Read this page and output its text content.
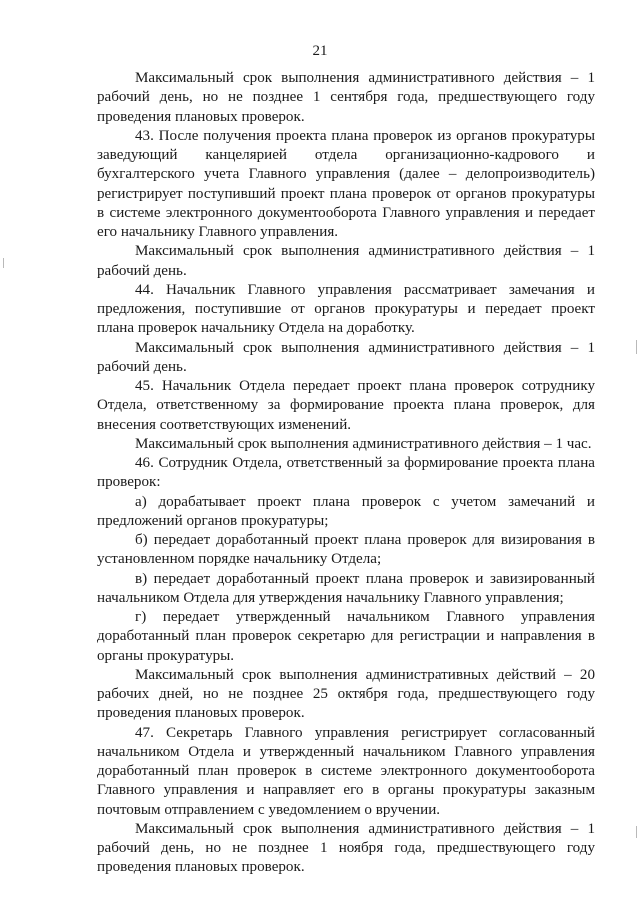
21

Максимальный срок выполнения административного действия – 1 рабочий день, но не позднее 1 сентября года, предшествующего году проведения плановых проверок.

43. После получения проекта плана проверок из органов прокуратуры заведующий канцелярией отдела организационно-кадрового и бухгалтерского учета Главного управления (далее – делопроизводитель) регистрирует поступивший проект плана проверок от органов прокуратуры в системе электронного документооборота Главного управления и передает его начальнику Главного управления.

Максимальный срок выполнения административного действия – 1 рабочий день.

44. Начальник Главного управления рассматривает замечания и предложения, поступившие от органов прокуратуры и передает проект плана проверок начальнику Отдела на доработку.

Максимальный срок выполнения административного действия – 1 рабочий день.

45. Начальник Отдела передает проект плана проверок сотруднику Отдела, ответственному за формирование проекта плана проверок, для внесения соответствующих изменений.

Максимальный срок выполнения административного действия – 1 час.

46. Сотрудник Отдела, ответственный за формирование проекта плана проверок:

а) дорабатывает проект плана проверок с учетом замечаний и предложений органов прокуратуры;

б) передает доработанный проект плана проверок для визирования в установленном порядке начальнику Отдела;

в) передает доработанный проект плана проверок и завизированный начальником Отдела для утверждения начальнику Главного управления;

г) передает утвержденный начальником Главного управления доработанный план проверок секретарю для регистрации и направления в органы прокуратуры.

Максимальный срок выполнения административных действий – 20 рабочих дней, но не позднее 25 октября года, предшествующего году проведения плановых проверок.

47. Секретарь Главного управления регистрирует согласованный начальником Отдела и утвержденный начальником Главного управления доработанный план проверок в системе электронного документооборота Главного управления и направляет его в органы прокуратуры заказным почтовым отправлением с уведомлением о вручении.

Максимальный срок выполнения административного действия – 1 рабочий день, но не позднее 1 ноября года, предшествующего году проведения плановых проверок.
